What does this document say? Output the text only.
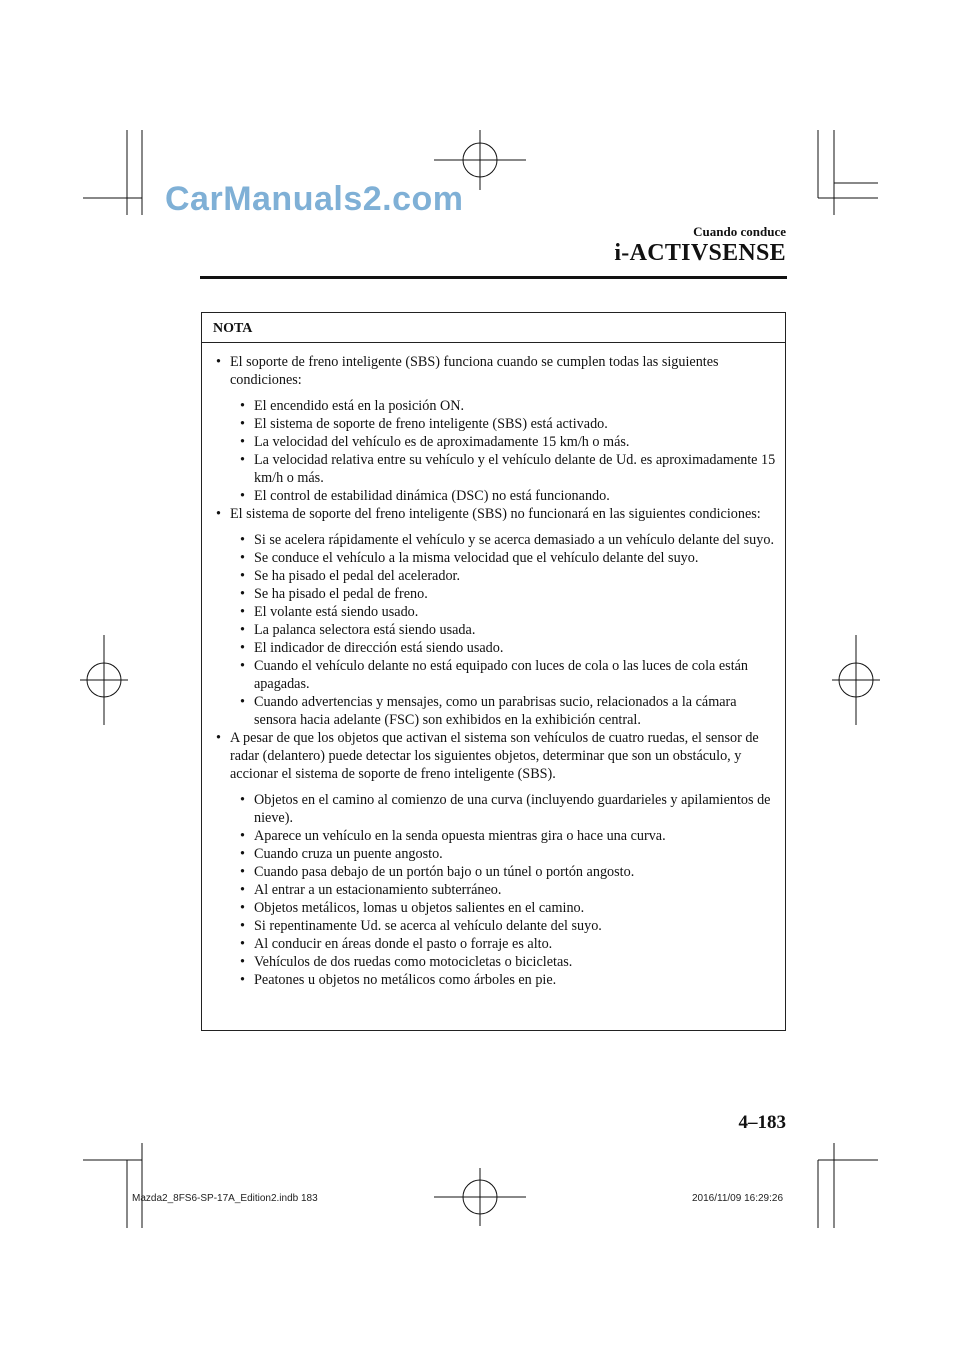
CarManuals2.com
Cuando conduce
i-ACTIVSENSE
NOTA

• El soporte de freno inteligente (SBS) funciona cuando se cumplen todas las siguientes condiciones:

• El encendido está en la posición ON.

• El sistema de soporte de freno inteligente (SBS) está activado.

• La velocidad del vehículo es de aproximadamente 15 km/h o más.

• La velocidad relativa entre su vehículo y el vehículo delante de Ud. es aproximadamente 15 km/h o más.

• El control de estabilidad dinámica (DSC) no está funcionando.

• El sistema de soporte del freno inteligente (SBS) no funcionará en las siguientes condiciones:

• Si se acelera rápidamente el vehículo y se acerca demasiado a un vehículo delante del suyo.

• Se conduce el vehículo a la misma velocidad que el vehículo delante del suyo.

• Se ha pisado el pedal del acelerador.

• Se ha pisado el pedal de freno.

• El volante está siendo usado.

• La palanca selectora está siendo usada.

• El indicador de dirección está siendo usado.

• Cuando el vehículo delante no está equipado con luces de cola o las luces de cola están apagadas.

• Cuando advertencias y mensajes, como un parabrisas sucio, relacionados a la cámara sensora hacia adelante (FSC) son exhibidos en la exhibición central.

• A pesar de que los objetos que activan el sistema son vehículos de cuatro ruedas, el sensor de radar (delantero) puede detectar los siguientes objetos, determinar que son un obstáculo, y accionar el sistema de soporte de freno inteligente (SBS).

• Objetos en el camino al comienzo de una curva (incluyendo guardarieles y apilamientos de nieve).

• Aparece un vehículo en la senda opuesta mientras gira o hace una curva.

• Cuando cruza un puente angosto.

• Cuando pasa debajo de un portón bajo o un túnel o portón angosto.

• Al entrar a un estacionamiento subterráneo.

• Objetos metálicos, lomas u objetos salientes en el camino.

• Si repentinamente Ud. se acerca al vehículo delante del suyo.

• Al conducir en áreas donde el pasto o forraje es alto.

• Vehículos de dos ruedas como motocicletas o bicicletas.

• Peatones u objetos no metálicos como árboles en pie.

4–183
Mazda2_8FS6-SP-17A_Edition2.indb 183	2016/11/09 16:29:26
